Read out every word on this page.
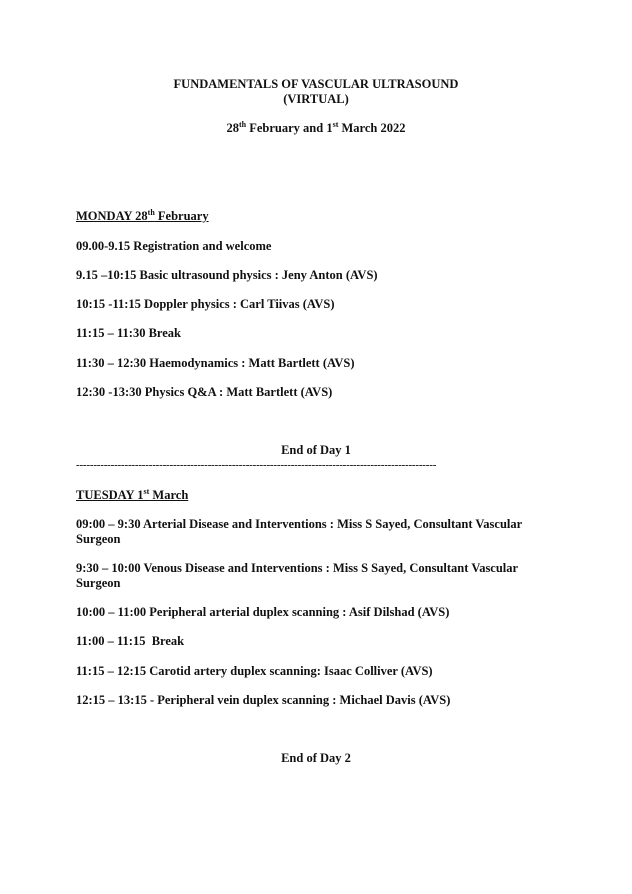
FUNDAMENTALS OF VASCULAR ULTRASOUND
(VIRTUAL)
28th February and 1st March 2022
MONDAY 28th February
09.00-9.15 Registration and welcome
9.15 –10:15 Basic ultrasound physics : Jeny Anton (AVS)
10:15 -11:15 Doppler physics : Carl Tiivas (AVS)
11:15 – 11:30 Break
11:30 – 12:30 Haemodynamics : Matt Bartlett (AVS)
12:30 -13:30 Physics Q&A : Matt Bartlett (AVS)
End of Day 1
--------------------------------------------------------------------------------------------------------
TUESDAY 1st March
09:00 – 9:30 Arterial Disease and Interventions : Miss S Sayed, Consultant Vascular Surgeon
9:30 – 10:00 Venous Disease and Interventions : Miss S Sayed, Consultant Vascular Surgeon
10:00 – 11:00 Peripheral arterial duplex scanning : Asif Dilshad (AVS)
11:00 – 11:15  Break
11:15 – 12:15 Carotid artery duplex scanning: Isaac Colliver (AVS)
12:15 – 13:15 - Peripheral vein duplex scanning : Michael Davis (AVS)
End of Day 2
